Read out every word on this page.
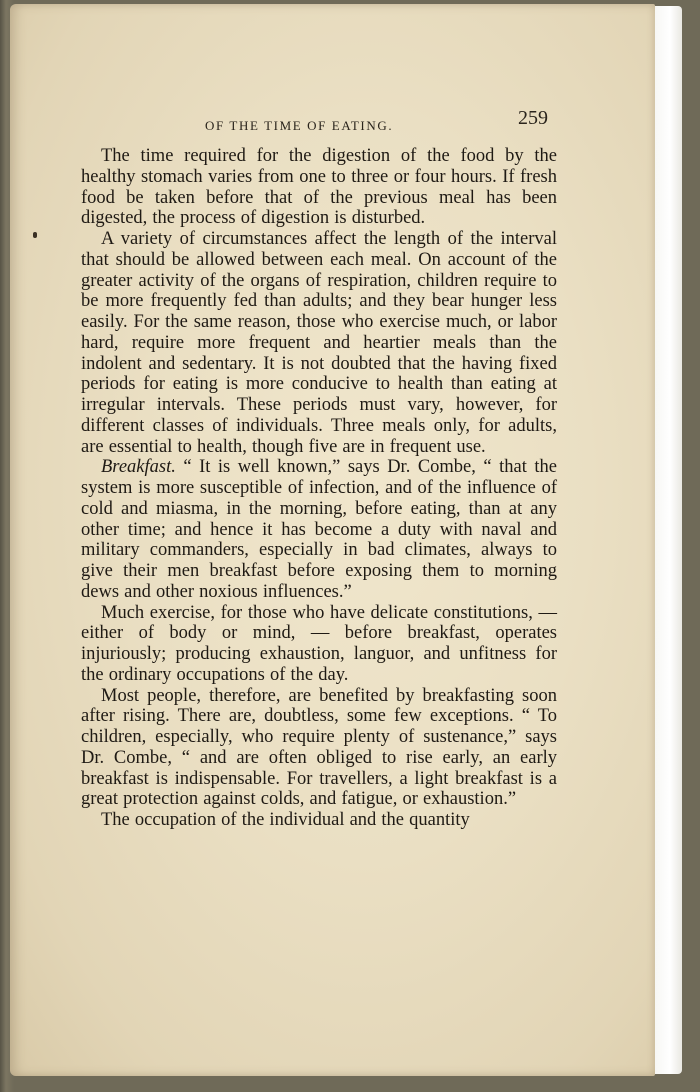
OF THE TIME OF EATING.	259

The time required for the digestion of the food by the healthy stomach varies from one to three or four hours. If fresh food be taken before that of the previous meal has been digested, the process of digestion is disturbed.

A variety of circumstances affect the length of the interval that should be allowed between each meal. On account of the greater activity of the organs of respiration, children require to be more frequently fed than adults; and they bear hunger less easily. For the same reason, those who exercise much, or labor hard, require more frequent and heartier meals than the indolent and sedentary. It is not doubted that the having fixed periods for eating is more conducive to health than eating at irregular intervals. These periods must vary, however, for different classes of individuals. Three meals only, for adults, are essential to health, though five are in frequent use.

Breakfast. “ It is well known,” says Dr. Combe, “ that the system is more susceptible of infection, and of the influence of cold and miasma, in the morning, before eating, than at any other time; and hence it has become a duty with naval and military commanders, especially in bad climates, always to give their men breakfast before exposing them to morning dews and other noxious influences.”

Much exercise, for those who have delicate constitutions, — either of body or mind, — before breakfast, operates injuriously; producing exhaustion, languor, and unfitness for the ordinary occupations of the day.

Most people, therefore, are benefited by breakfasting soon after rising. There are, doubtless, some few exceptions. “ To children, especially, who require plenty of sustenance,” says Dr. Combe, “ and are often obliged to rise early, an early breakfast is indispensable. For travellers, a light breakfast is a great protection against colds, and fatigue, or exhaustion.”

The occupation of the individual and the quantity
